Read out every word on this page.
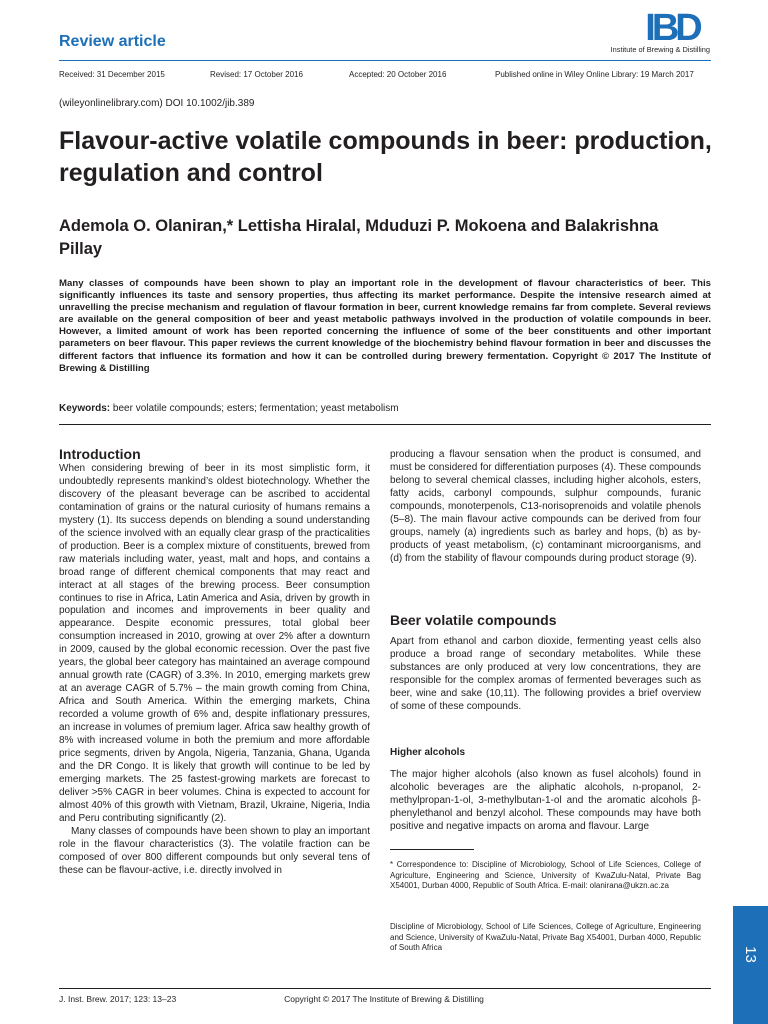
Review article	IBD
Institute of Brewing & Distilling
Received: 31 December 2015	Revised: 17 October 2016	Accepted: 20 October 2016	Published online in Wiley Online Library: 19 March 2017
(wileyonlinelibrary.com) DOI 10.1002/jib.389
Flavour-active volatile compounds in beer: production, regulation and control
Ademola O. Olaniran,* Lettisha Hiralal, Mduduzi P. Mokoena and Balakrishna Pillay
Many classes of compounds have been shown to play an important role in the development of flavour characteristics of beer. This significantly influences its taste and sensory properties, thus affecting its market performance. Despite the intensive research aimed at unravelling the precise mechanism and regulation of flavour formation in beer, current knowledge remains far from complete. Several reviews are available on the general composition of beer and yeast metabolic pathways involved in the production of volatile compounds in beer. However, a limited amount of work has been reported concerning the influence of some of the beer constituents and other important parameters on beer flavour. This paper reviews the current knowledge of the biochemistry behind flavour formation in beer and discusses the different factors that influence its formation and how it can be controlled during brewery fermentation. Copyright © 2017 The Institute of Brewing & Distilling
Keywords: beer volatile compounds; esters; fermentation; yeast metabolism
Introduction

When considering brewing of beer in its most simplistic form, it undoubtedly represents mankind’s oldest biotechnology. Whether the discovery of the pleasant beverage can be ascribed to accidental contamination of grains or the natural curiosity of humans remains a mystery (1). Its success depends on blending a sound understanding of the science involved with an equally clear grasp of the practicalities of production. Beer is a complex mixture of constituents, brewed from raw materials including water, yeast, malt and hops, and contains a broad range of different chemical components that may react and interact at all stages of the brewing process. Beer consumption continues to rise in Africa, Latin America and Asia, driven by growth in population and incomes and improvements in beer quality and appearance. Despite economic pressures, total global beer consumption increased in 2010, growing at over 2% after a downturn in 2009, caused by the global economic recession. Over the past five years, the global beer category has maintained an average compound annual growth rate (CAGR) of 3.3%. In 2010, emerging markets grew at an average CAGR of 5.7% – the main growth coming from China, Africa and South America. Within the emerging markets, China recorded a volume growth of 6% and, despite inflationary pressures, an increase in volumes of premium lager. Africa saw healthy growth of 8% with increased volume in both the premium and more affordable price segments, driven by Angola, Nigeria, Tanzania, Ghana, Uganda and the DR Congo. It is likely that growth will continue to be led by emerging markets. The 25 fastest-growing markets are forecast to deliver >5% CAGR in beer volumes. China is expected to account for almost 40% of this growth with Vietnam, Brazil, Ukraine, Nigeria, India and Peru contributing significantly (2).

Many classes of compounds have been shown to play an important role in the flavour characteristics (3). The volatile fraction can be composed of over 800 different compounds but only several tens of these can be flavour-active, i.e. directly involved in

producing a flavour sensation when the product is consumed, and must be considered for differentiation purposes (4). These compounds belong to several chemical classes, including higher alcohols, esters, fatty acids, carbonyl compounds, sulphur compounds, furanic compounds, monoterpenols, C13-norisoprenoids and volatile phenols (5–8). The main flavour active compounds can be derived from four groups, namely (a) ingredients such as barley and hops, (b) as by-products of yeast metabolism, (c) contaminant microorganisms, and (d) from the stability of flavour compounds during product storage (9).

Beer volatile compounds

Apart from ethanol and carbon dioxide, fermenting yeast cells also produce a broad range of secondary metabolites. While these substances are only produced at very low concentrations, they are responsible for the complex aromas of fermented beverages such as beer, wine and sake (10,11). The following provides a brief overview of some of these compounds.

Higher alcohols

The major higher alcohols (also known as fusel alcohols) found in alcoholic beverages are the aliphatic alcohols, n-propanol, 2-methylpropan-1-ol, 3-methylbutan-1-ol and the aromatic alcohols β-phenylethanol and benzyl alcohol. These compounds may have both positive and negative impacts on aroma and flavour. Large

* Correspondence to: Discipline of Microbiology, School of Life Sciences, College of Agriculture, Engineering and Science, University of KwaZulu-Natal, Private Bag X54001, Durban 4000, Republic of South Africa. E-mail: olanirana@ukzn.ac.za
Discipline of Microbiology, School of Life Sciences, College of Agriculture, Engineering and Science, University of KwaZulu-Natal, Private Bag X54001, Durban 4000, Republic of South Africa
J. Inst. Brew. 2017; 123: 13–23	Copyright © 2017 The Institute of Brewing & Distilling
13
